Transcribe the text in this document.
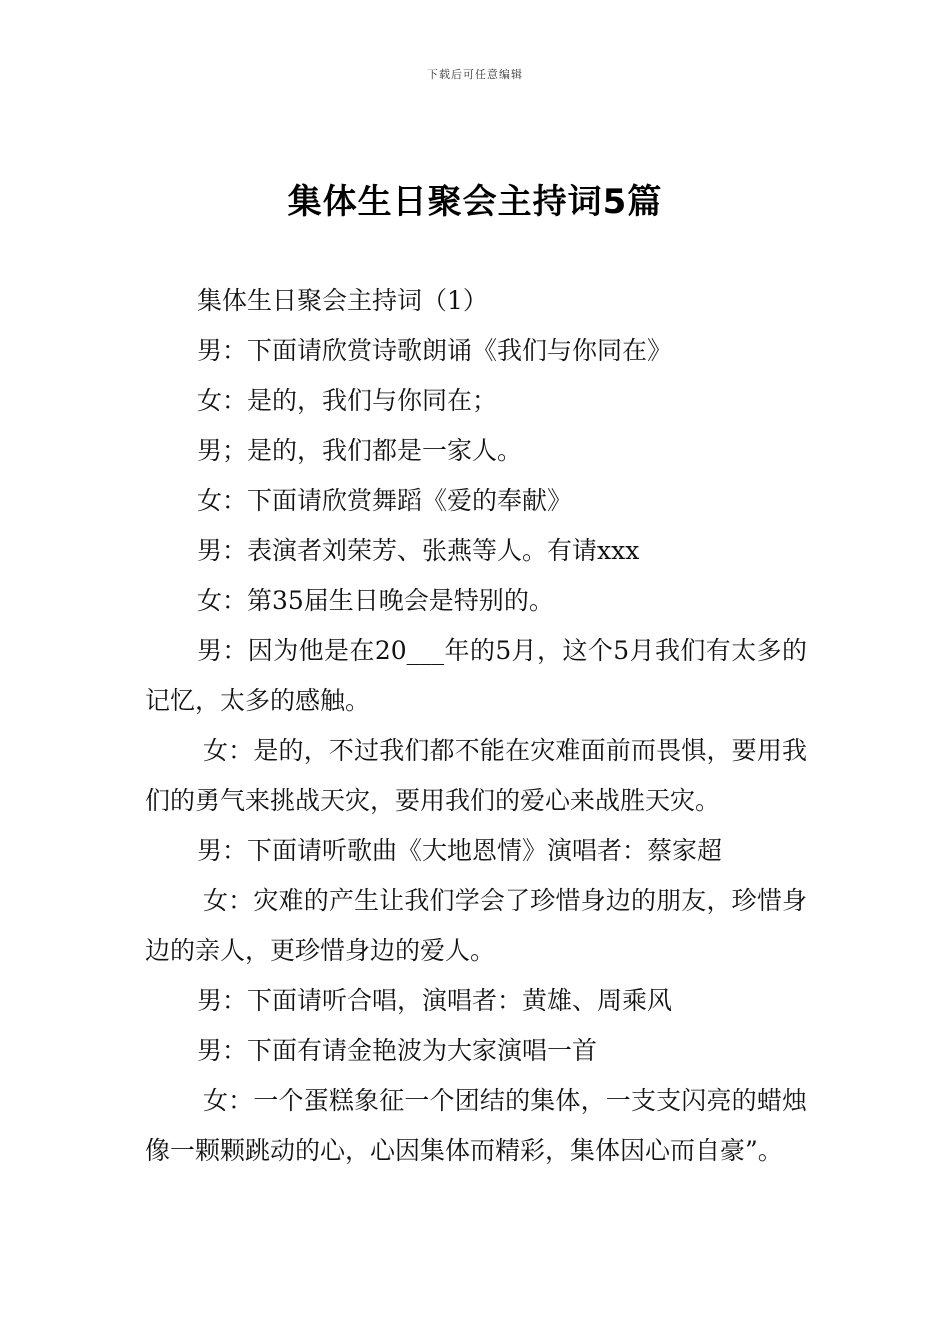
下载后可任意编辑
集体生日聚会主持词5篇

集体生日聚会主持词（1）

男：下面请欣赏诗歌朗诵《我们与你同在》

女：是的，我们与你同在；

男；是的，我们都是一家人。

女：下面请欣赏舞蹈《爱的奉献》

男：表演者刘荣芳、张燕等人。有请xxx

女：第35届生日晚会是特别的。

男：因为他是在20___年的5月，这个5月我们有太多的记忆，太多的感触。

女：是的，不过我们都不能在灾难面前而畏惧，要用我们的勇气来挑战天灾，要用我们的爱心来战胜天灾。

男：下面请听歌曲《大地恩情》演唱者：蔡家超

女：灾难的产生让我们学会了珍惜身边的朋友，珍惜身边的亲人，更珍惜身边的爱人。

男：下面请听合唱，演唱者：黄雄、周乘风

男：下面有请金艳波为大家演唱一首

女：一个蛋糕象征一个团结的集体，一支支闪亮的蜡烛像一颗颗跳动的心，心因集体而精彩，集体因心而自豪”。
